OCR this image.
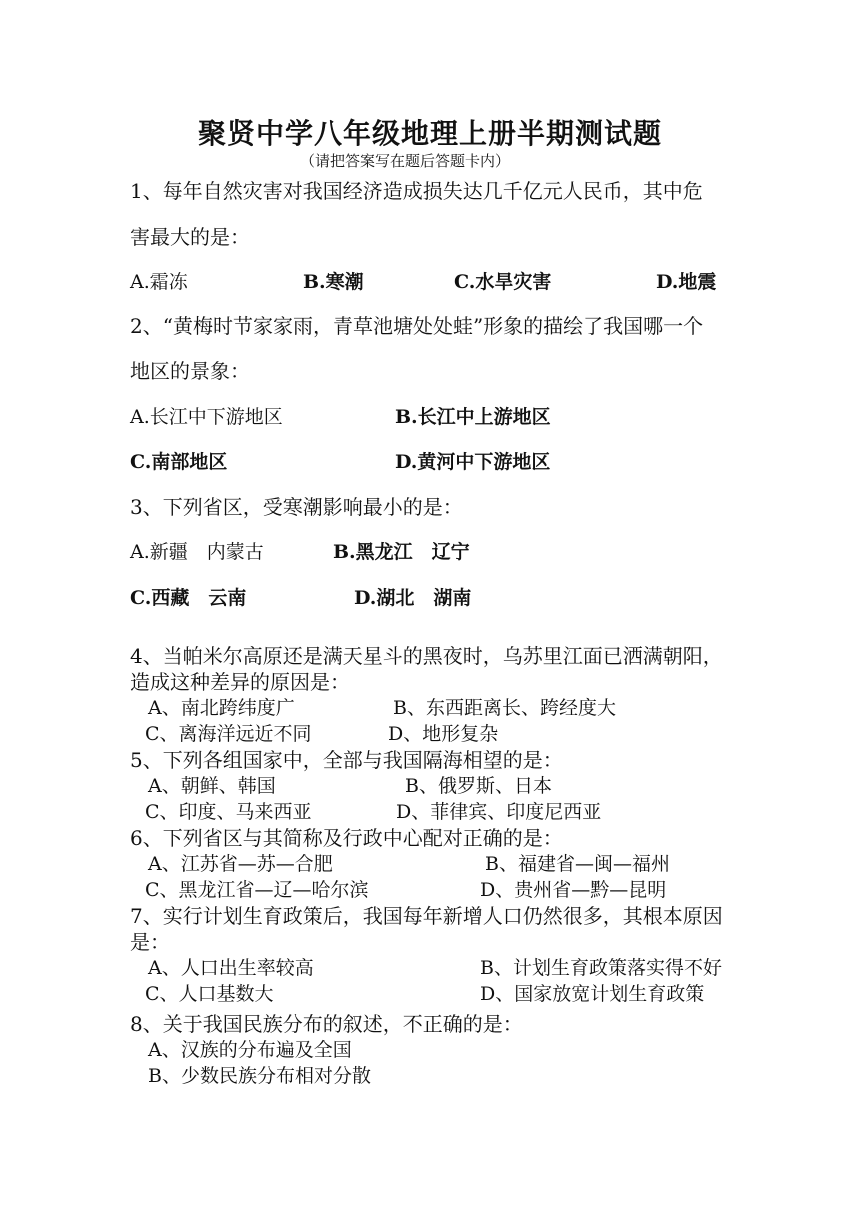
聚贤中学八年级地理上册半期测试题
（请把答案写在题后答题卡内）
1、每年自然灾害对我国经济造成损失达几千亿元人民币，其中危
害最大的是：
A.霜冻	B.寒潮	C.水旱灾害	D.地震
2、“黄梅时节家家雨，青草池塘处处蛙”形象的描绘了我国哪一个
地区的景象：
A.长江中下游地区	B.长江中上游地区
C.南部地区	D.黄河中下游地区
3、下列省区，受寒潮影响最小的是：
A.新疆　内蒙古	B.黑龙江　辽宁
C.西藏　云南	D.湖北　湖南
4、当帕米尔高原还是满天星斗的黑夜时，乌苏里江面已洒满朝阳，
造成这种差异的原因是：
A、南北跨纬度广	B、东西距离长、跨经度大
C、离海洋远近不同	D、地形复杂
5、下列各组国家中，全部与我国隔海相望的是：
A、朝鲜、韩国	B、俄罗斯、日本
C、印度、马来西亚	D、菲律宾、印度尼西亚
6、下列省区与其简称及行政中心配对正确的是：
A、江苏省—苏—合肥	B、福建省—闽—福州
C、黑龙江省—辽—哈尔滨	D、贵州省—黔—昆明
7、实行计划生育政策后，我国每年新增人口仍然很多，其根本原因
是：
A、人口出生率较高	B、计划生育政策落实得不好
C、人口基数大	D、国家放宽计划生育政策
8、关于我国民族分布的叙述，不正确的是：
A、汉族的分布遍及全国
B、少数民族分布相对分散
